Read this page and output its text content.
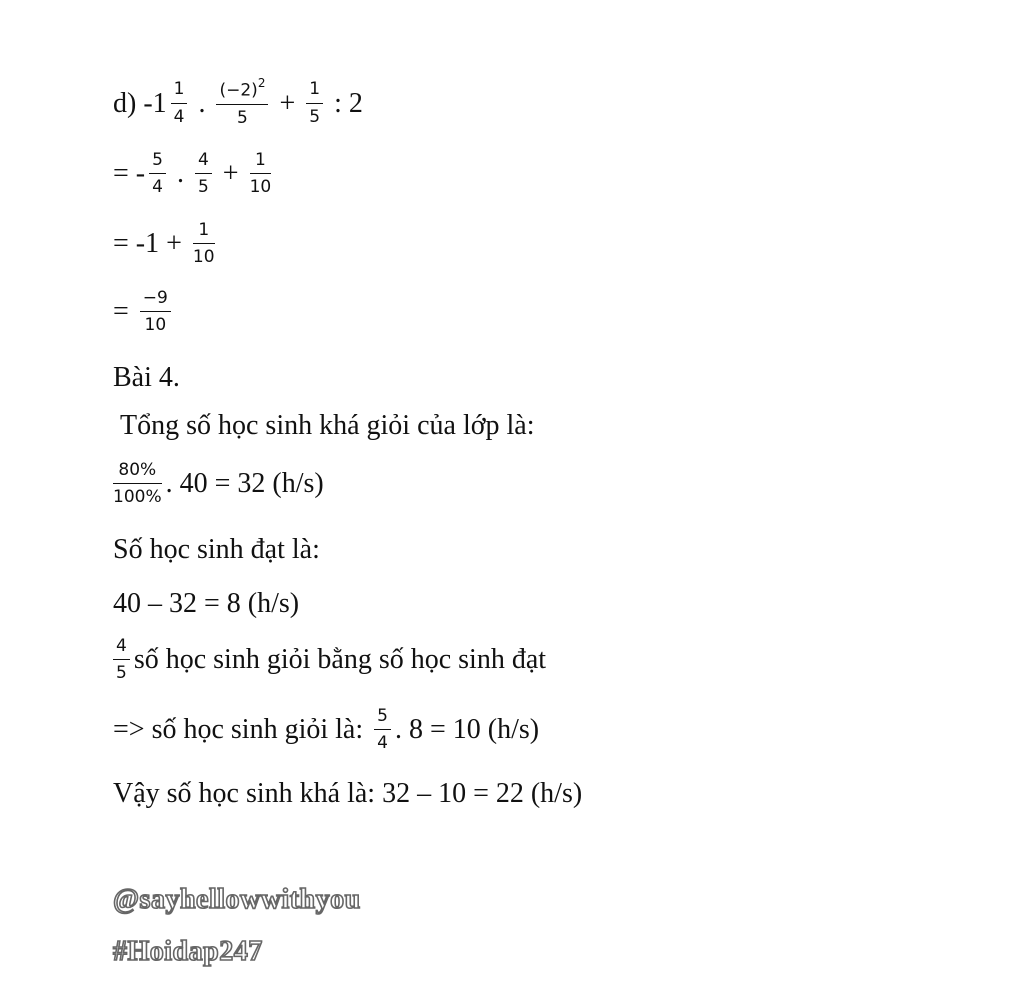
d) $-1 \frac{1}{4}$ . $\frac{(-2)^2}{5} + \frac{1}{5}$ : 2
= - $\frac{5}{4}$ . $\frac{4}{5} + \frac{1}{10}$
= $-1 + \frac{1}{10}$
= $\frac{-9}{10}$
Bài 4.
Tổng số học sinh khá giỏi của lớp là:
$\frac{80\%}{100\%}$ . 40 = 32 (h/s)
Số học sinh đạt là:
40 – 32 = 8 (h/s)
$\frac{4}{5}$ số học sinh giỏi bằng số học sinh đạt
=> số học sinh giỏi là: $\frac{5}{4}$ . 8 = 10 (h/s)
Vậy số học sinh khá là: 32 – 10 = 22 (h/s)
@sayhellowwithyou
#Hoidap247
